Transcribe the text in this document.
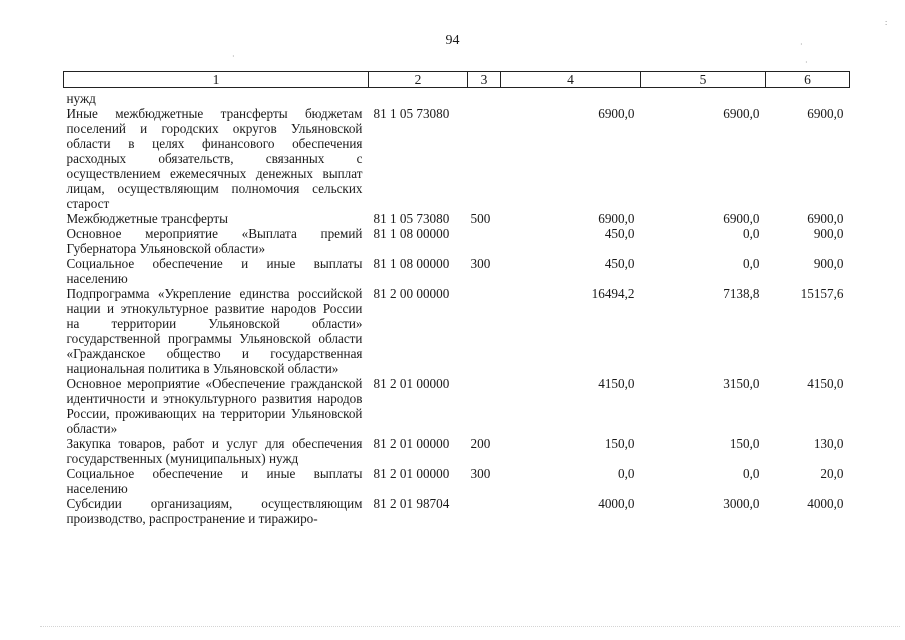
94
·
·
:
·
1	2	3	4	5	6
нужд					
Иные межбюджетные трансферты бюджетам поселений и городских округов Ульяновской области в целях финансового обеспечения расходных обязательств, связанных с осуществлением ежемесячных денежных выплат лицам, осуществляющим полномочия сельских старост	81 1 05 73080		6900,0	6900,0	6900,0
Межбюджетные трансферты	81 1 05 73080	500	6900,0	6900,0	6900,0
Основное мероприятие «Выплата премий Губернатора Ульяновской области»	81 1 08 00000		450,0	0,0	900,0
Социальное обеспечение и иные выплаты населению	81 1 08 00000	300	450,0	0,0	900,0
Подпрограмма «Укрепление единства российской нации и этнокультурное развитие народов России на территории Ульяновской области» государственной программы Ульяновской области «Гражданское общество и государственная национальная политика в Ульяновской области»	81 2 00 00000		16494,2	7138,8	15157,6
Основное мероприятие «Обеспечение гражданской идентичности и этнокультурного развития народов России, проживающих на территории Ульяновской области»	81 2 01 00000		4150,0	3150,0	4150,0
Закупка товаров, работ и услуг для обеспечения государственных (муниципальных) нужд	81 2 01 00000	200	150,0	150,0	130,0
Социальное обеспечение и иные выплаты населению	81 2 01 00000	300	0,0	0,0	20,0
Субсидии организациям, осуществляющим производство, распространение и тиражиро-	81 2 01 98704		4000,0	3000,0	4000,0
